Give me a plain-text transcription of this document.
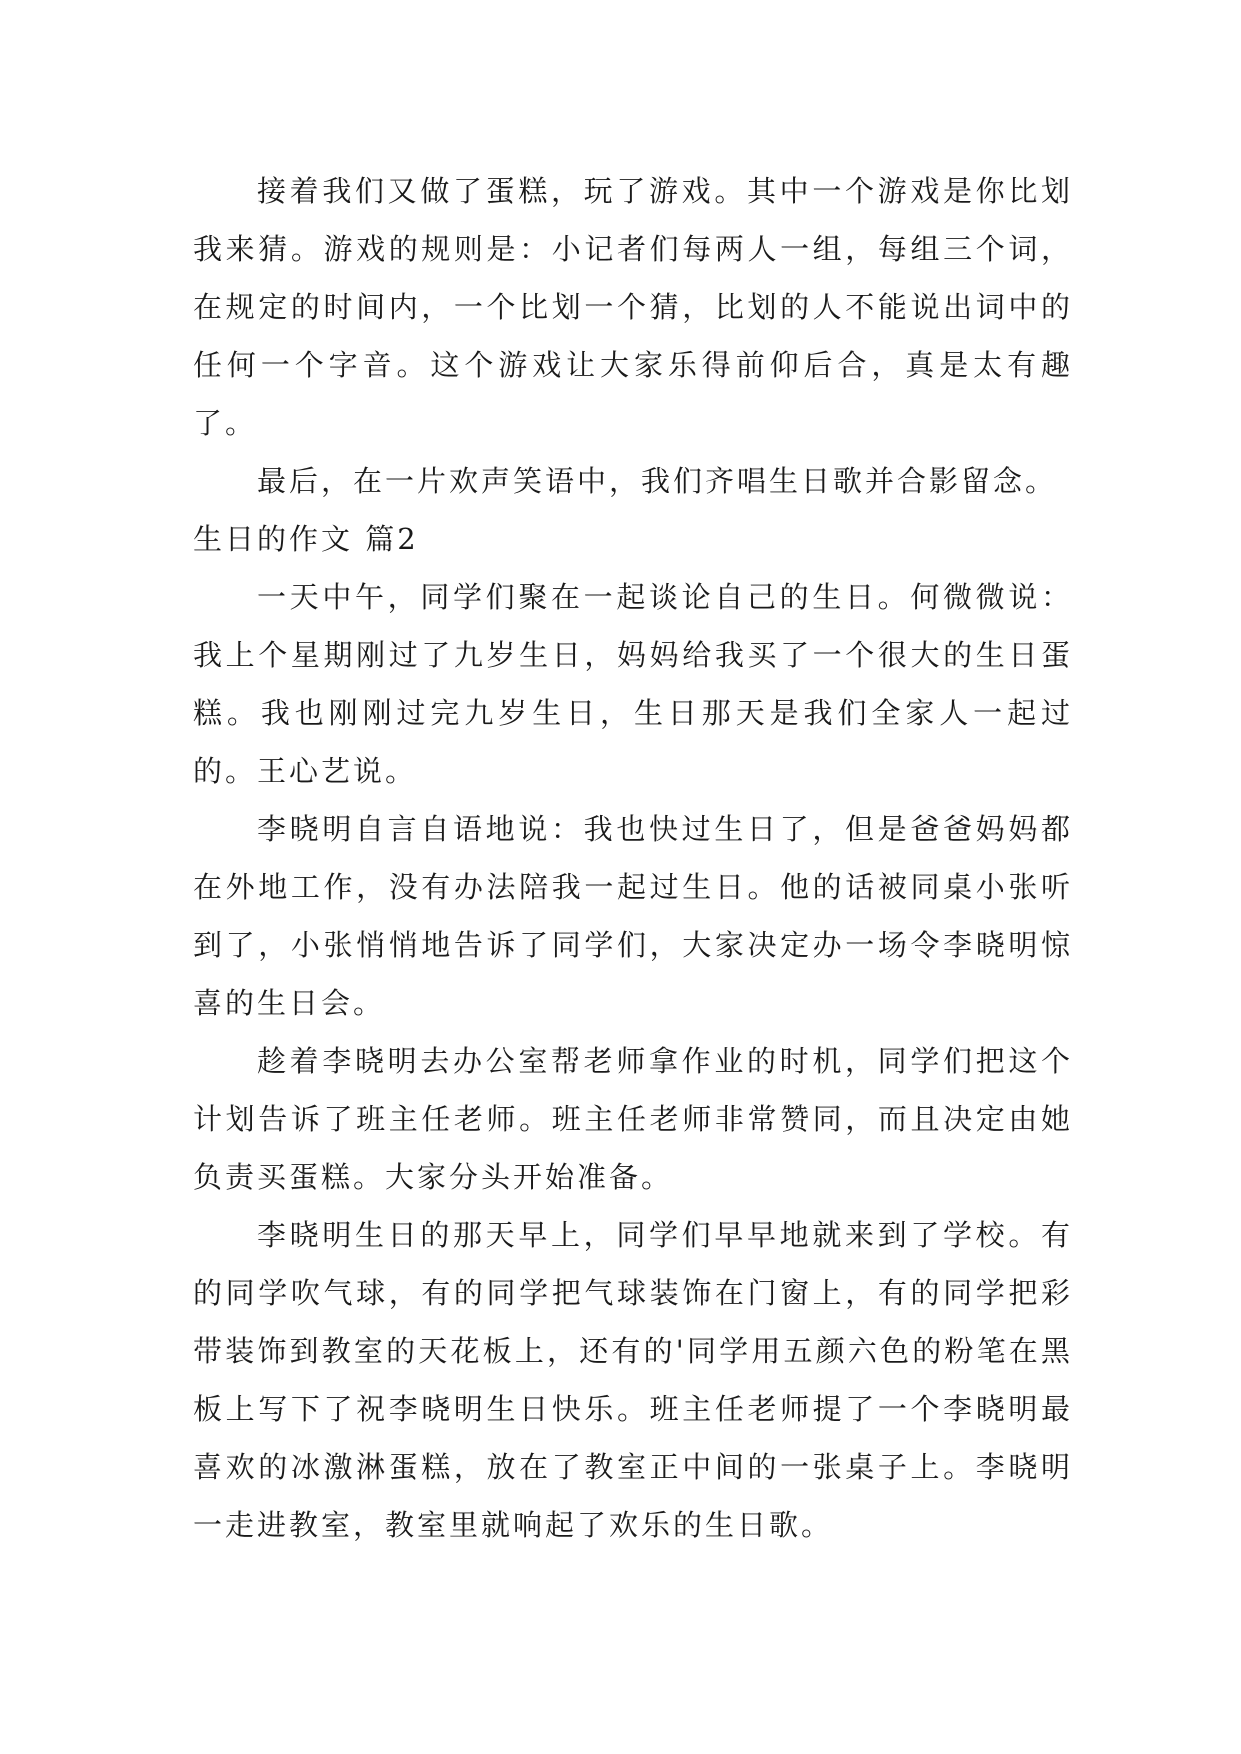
接着我们又做了蛋糕，玩了游戏。其中一个游戏是你比划我来猜。游戏的规则是：小记者们每两人一组，每组三个词，在规定的时间内，一个比划一个猜，比划的人不能说出词中的任何一个字音。这个游戏让大家乐得前仰后合，真是太有趣了。

最后，在一片欢声笑语中，我们齐唱生日歌并合影留念。

生日的作文 篇2

一天中午，同学们聚在一起谈论自己的生日。何微微说：我上个星期刚过了九岁生日，妈妈给我买了一个很大的生日蛋糕。我也刚刚过完九岁生日，生日那天是我们全家人一起过的。王心艺说。

李晓明自言自语地说：我也快过生日了，但是爸爸妈妈都在外地工作，没有办法陪我一起过生日。他的话被同桌小张听到了，小张悄悄地告诉了同学们，大家决定办一场令李晓明惊喜的生日会。

趁着李晓明去办公室帮老师拿作业的时机，同学们把这个计划告诉了班主任老师。班主任老师非常赞同，而且决定由她负责买蛋糕。大家分头开始准备。

李晓明生日的那天早上，同学们早早地就来到了学校。有的同学吹气球，有的同学把气球装饰在门窗上，有的同学把彩带装饰到教室的天花板上，还有的'同学用五颜六色的粉笔在黑板上写下了祝李晓明生日快乐。班主任老师提了一个李晓明最喜欢的冰激淋蛋糕，放在了教室正中间的一张桌子上。李晓明一走进教室，教室里就响起了欢乐的生日歌。
